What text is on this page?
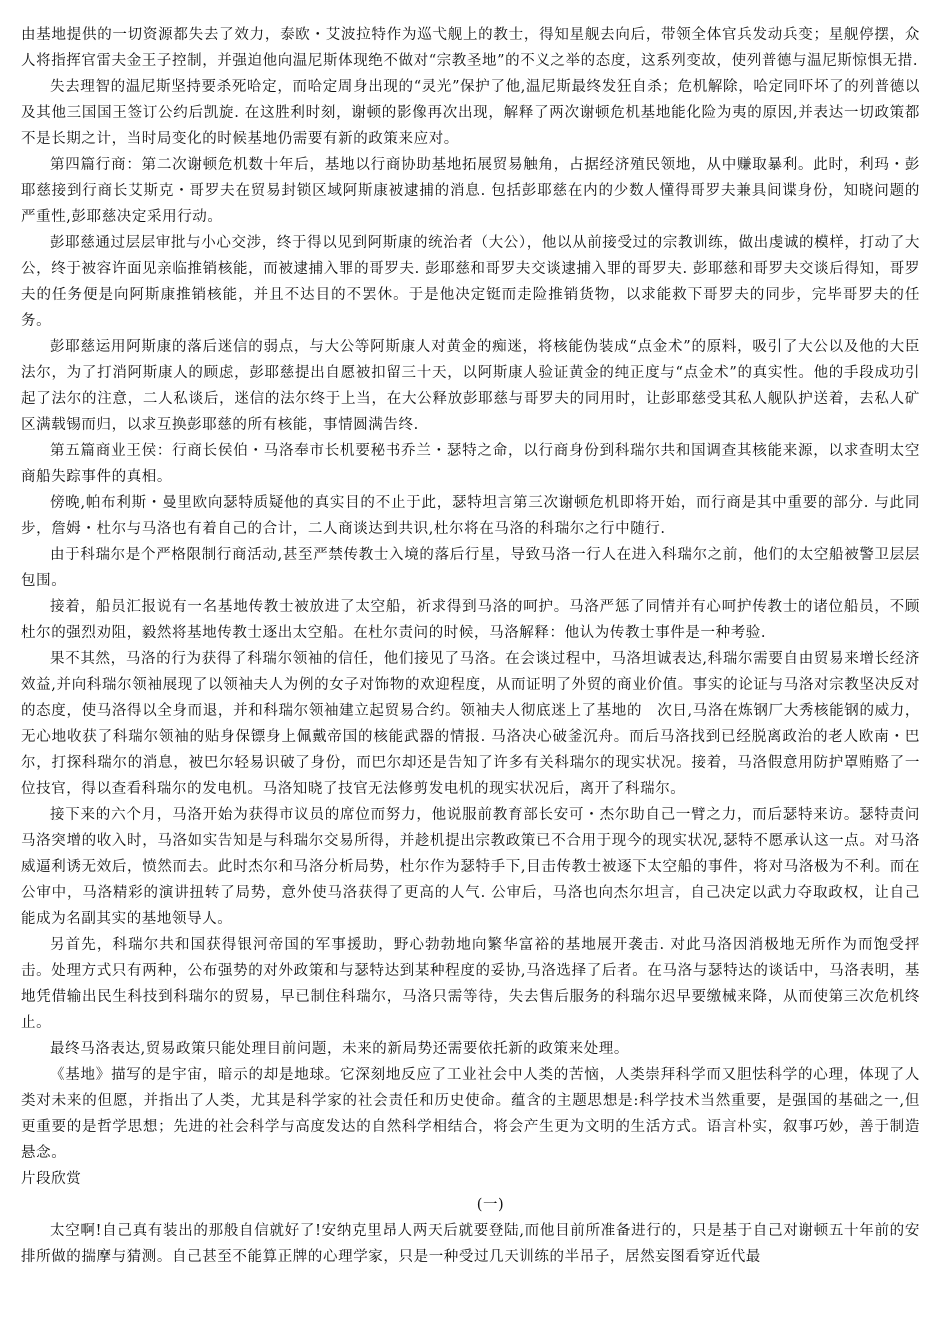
由基地提供的一切资源都失去了效力，泰欧・艾波拉特作为巡弋舰上的教士，得知星舰去向后，带领全体官兵发动兵变；星舰停摆，众人将指挥官雷夫金王子控制，并强迫他向温尼斯体现绝不做对“宗教圣地”的不义之举的态度，这系列变故，使列普德与温尼斯惊惧无措.

失去理智的温尼斯坚持要杀死哈定，而哈定周身出现的“灵光”保护了他,温尼斯最终发狂自杀；危机解除，哈定同吓坏了的列普德以及其他三国国王签订公约后凯旋. 在这胜利时刻，谢顿的影像再次出现，解释了两次谢顿危机基地能化险为夷的原因,并表达一切政策都不是长期之计，当时局变化的时候基地仍需要有新的政策来应对。

第四篇行商：第二次谢顿危机数十年后，基地以行商协助基地拓展贸易触角，占据经济殖民领地，从中赚取暴利。此时，利玛・彭耶慈接到行商长艾斯克・哥罗夫在贸易封锁区域阿斯康被逮捕的消息. 包括彭耶慈在内的少数人懂得哥罗夫兼具间谍身份，知晓问题的严重性,彭耶慈决定采用行动。

彭耶慈通过层层审批与小心交涉，终于得以见到阿斯康的统治者（大公），他以从前接受过的宗教训练，做出虔诚的模样，打动了大公，终于被容许面见亲临推销核能，而被逮捕入罪的哥罗夫. 彭耶慈和哥罗夫交谈逮捕入罪的哥罗夫. 彭耶慈和哥罗夫交谈后得知，哥罗夫的任务便是向阿斯康推销核能，并且不达目的不罢休。于是他决定铤而走险推销货物，以求能救下哥罗夫的同步，完毕哥罗夫的任务。

彭耶慈运用阿斯康的落后迷信的弱点，与大公等阿斯康人对黄金的痴迷，将核能伪装成“点金术”的原料，吸引了大公以及他的大臣法尔，为了打消阿斯康人的顾虑，彭耶慈提出自愿被扣留三十天，以阿斯康人验证黄金的纯正度与“点金术”的真实性。他的手段成功引起了法尔的注意，二人私谈后，迷信的法尔终于上当，在大公释放彭耶慈与哥罗夫的同用时，让彭耶慈受其私人舰队护送着，去私人矿区满载锡而归，以求互换彭耶慈的所有核能，事情圆满告终.

第五篇商业王侯：行商长侯伯・马洛奉市长机要秘书乔兰・瑟特之命，以行商身份到科瑞尔共和国调查其核能来源，以求查明太空商船失踪事件的真相。

傍晚,帕布利斯・曼里欧向瑟特质疑他的真实目的不止于此，瑟特坦言第三次谢顿危机即将开始，而行商是其中重要的部分. 与此同步，詹姆・杜尔与马洛也有着自己的合计，二人商谈达到共识,杜尔将在马洛的科瑞尔之行中随行.

由于科瑞尔是个严格限制行商活动,甚至严禁传教士入境的落后行星，导致马洛一行人在进入科瑞尔之前，他们的太空船被警卫层层包围。

接着，船员汇报说有一名基地传教士被放进了太空船，祈求得到马洛的呵护。马洛严惩了同情并有心呵护传教士的诸位船员，不顾杜尔的强烈劝阻，毅然将基地传教士逐出太空船。在杜尔责问的时候，马洛解释：他认为传教士事件是一种考验.

果不其然，马洛的行为获得了科瑞尔领袖的信任，他们接见了马洛。在会谈过程中，马洛坦诚表达,科瑞尔需要自由贸易来增长经济效益,并向科瑞尔领袖展现了以领袖夫人为例的女子对饰物的欢迎程度，从而证明了外贸的商业价值。事实的论证与马洛对宗教坚决反对的态度，使马洛得以全身而退，并和科瑞尔领袖建立起贸易合约。领袖夫人彻底迷上了基地的　次日,马洛在炼钢厂大秀核能钢的威力，无心地收获了科瑞尔领袖的贴身保镖身上佩戴帝国的核能武器的情报. 马洛决心破釜沉舟。而后马洛找到已经脱离政治的老人欧南・巴尔，打探科瑞尔的消息，被巴尔轻易识破了身份，而巴尔却还是告知了许多有关科瑞尔的现实状况。接着，马洛假意用防护罩贿赂了一位技官，得以查看科瑞尔的发电机。马洛知晓了技官无法修剪发电机的现实状况后，离开了科瑞尔。

接下来的六个月，马洛开始为获得市议员的席位而努力，他说服前教育部长安可・杰尔助自己一臂之力，而后瑟特来访。瑟特责问马洛突增的收入时，马洛如实告知是与科瑞尔交易所得，并趁机提出宗教政策已不合用于现今的现实状况,瑟特不愿承认这一点。对马洛威逼利诱无效后，愤然而去。此时杰尔和马洛分析局势，杜尔作为瑟特手下,目击传教士被逐下太空船的事件，将对马洛极为不利。而在公审中，马洛精彩的演讲扭转了局势，意外使马洛获得了更高的人气. 公审后，马洛也向杰尔坦言，自己决定以武力夺取政权，让自己能成为名副其实的基地领导人。

另首先，科瑞尔共和国获得银河帝国的军事援助，野心勃勃地向繁华富裕的基地展开袭击. 对此马洛因消极地无所作为而饱受抨击。处理方式只有两种，公布强势的对外政策和与瑟特达到某种程度的妥协,马洛选择了后者。在马洛与瑟特达的谈话中，马洛表明，基地凭借输出民生科技到科瑞尔的贸易，早已制住科瑞尔，马洛只需等待，失去售后服务的科瑞尔迟早要缴械来降，从而使第三次危机终止。

最终马洛表达,贸易政策只能处理目前问题，未来的新局势还需要依托新的政策来处理。

《基地》描写的是宇宙，暗示的却是地球。它深刻地反应了工业社会中人类的苦恼，人类崇拜科学而又胆怯科学的心理，体现了人类对未来的但愿，并指出了人类，尤其是科学家的社会责任和历史使命。蕴含的主题思想是:科学技术当然重要，是强国的基础之一,但更重要的是哲学思想；先进的社会科学与高度发达的自然科学相结合，将会产生更为文明的生活方式。语言朴实，叙事巧妙，善于制造悬念。

片段欣赏

(一)

太空啊!自己真有装出的那般自信就好了!安纳克里昂人两天后就要登陆,而他目前所准备进行的，只是基于自己对谢顿五十年前的安排所做的揣摩与猜测。自己甚至不能算正牌的心理学家，只是一种受过几天训练的半吊子，居然妄图看穿近代最
